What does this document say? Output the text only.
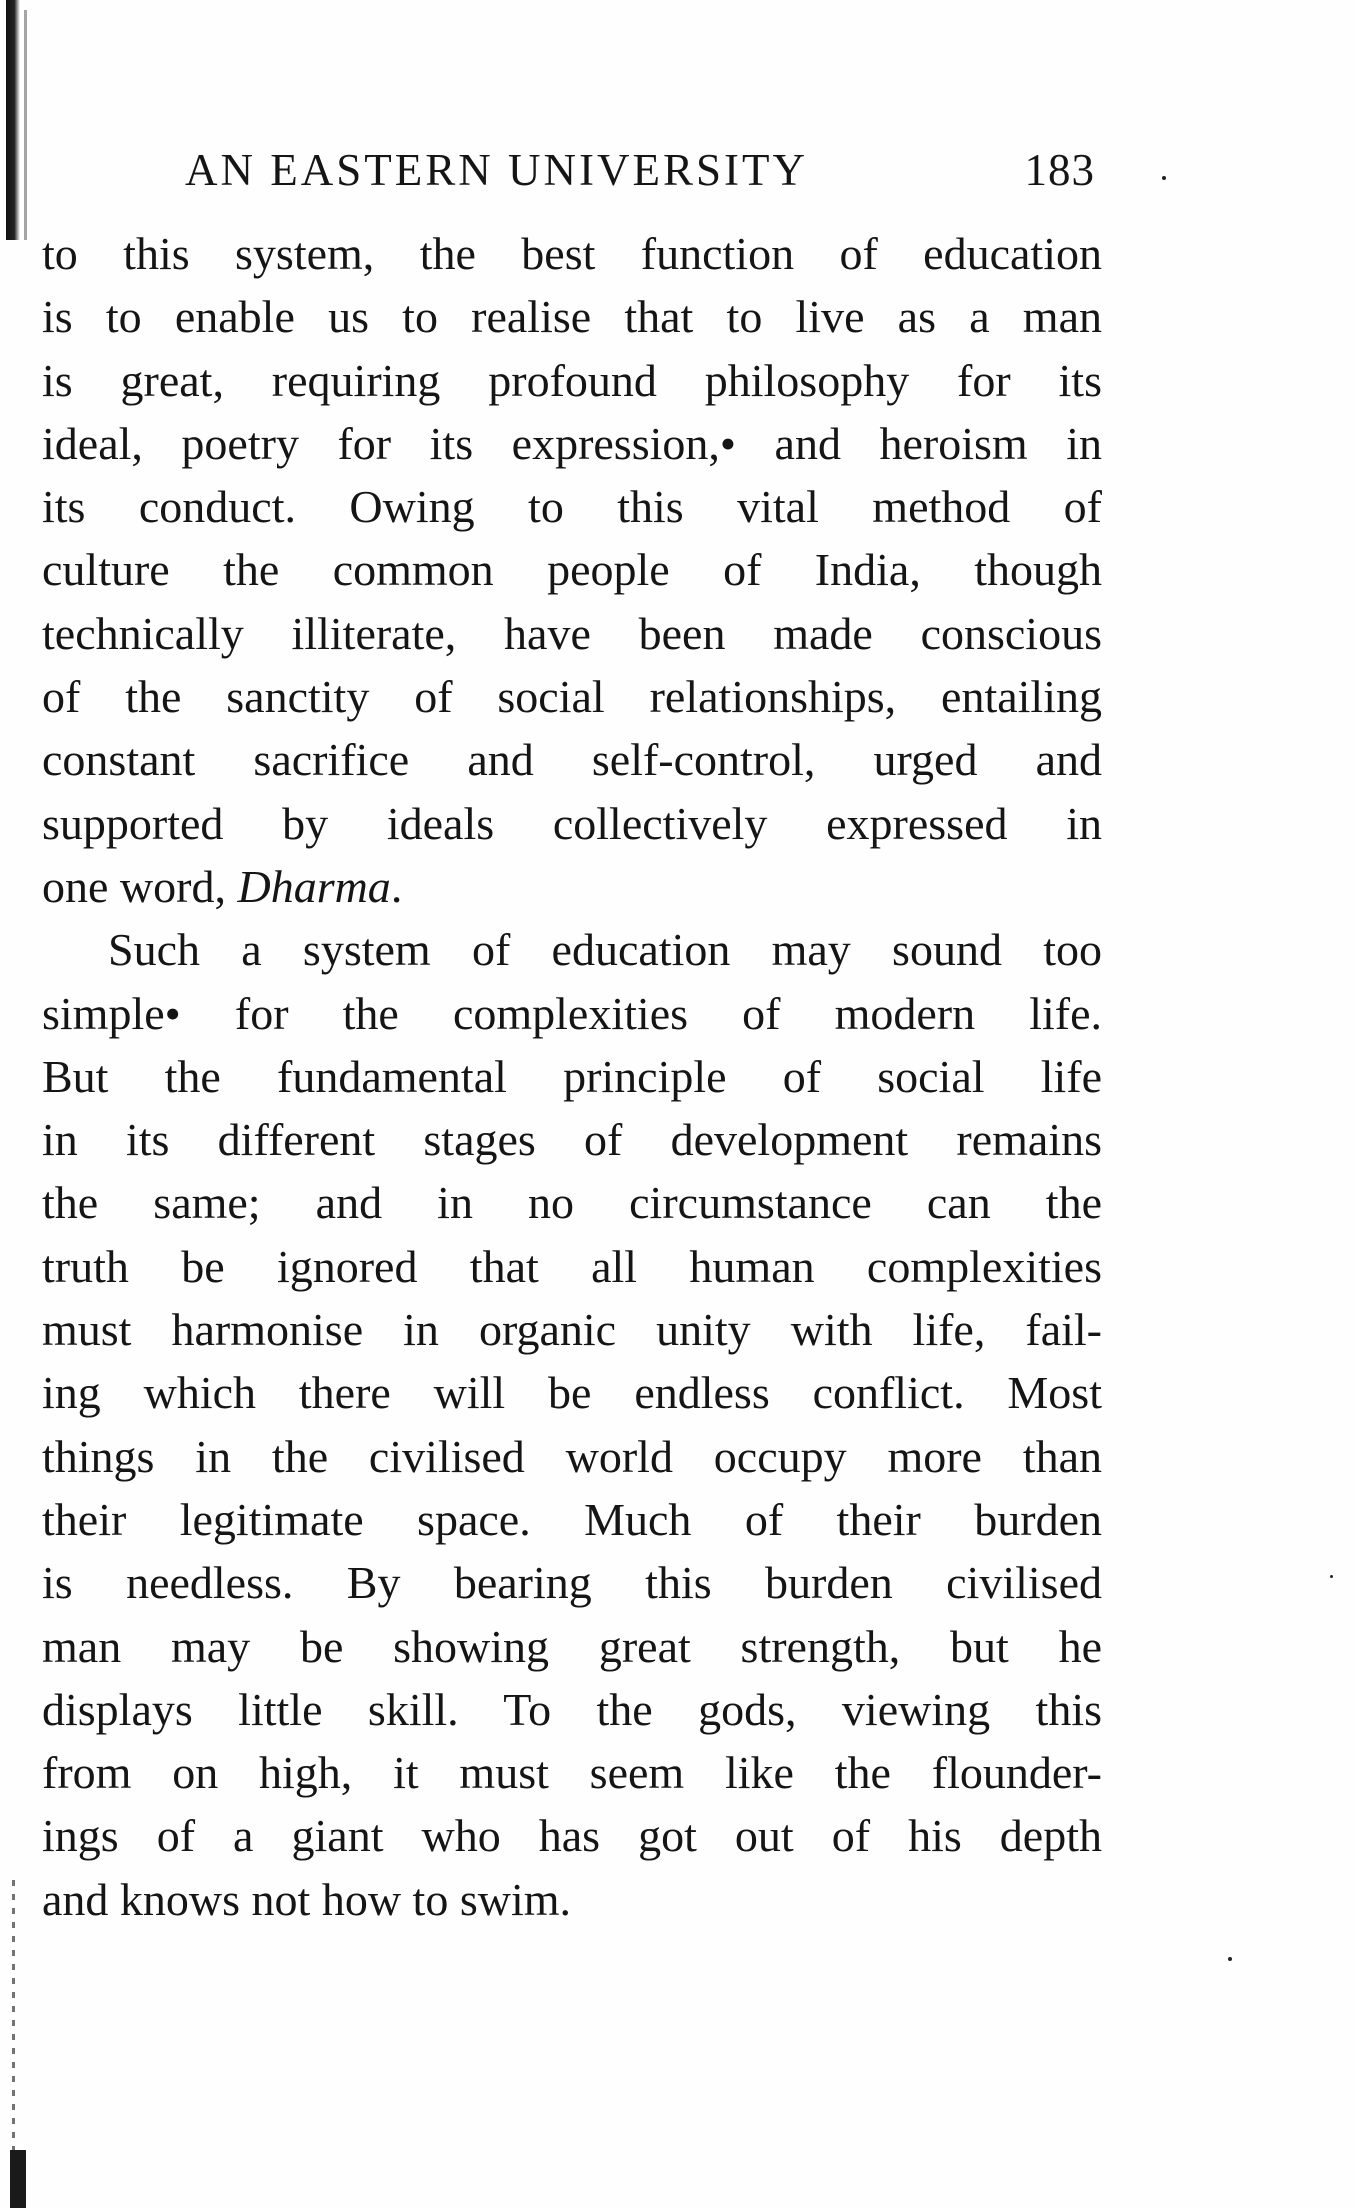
AN EASTERN UNIVERSITY	183
to this system, the best function of education
is to enable us to realise that to live as a man
is great, requiring profound philosophy for its
ideal, poetry for its expression,• and heroism in
its conduct. Owing to this vital method of
culture the common people of India, though
technically illiterate, have been made conscious
of the sanctity of social relationships, entailing
constant sacrifice and self-control, urged and
supported by ideals collectively expressed in
one word, Dharma.
Such a system of education may sound too
simple• for the complexities of modern life.
But the fundamental principle of social life
in its different stages of development remains
the same; and in no circumstance can the
truth be ignored that all human complexities
must harmonise in organic unity with life, fail-
ing which there will be endless conflict. Most
things in the civilised world occupy more than
their legitimate space. Much of their burden
is needless. By bearing this burden civilised
man may be showing great strength, but he
displays little skill. To the gods, viewing this
from on high, it must seem like the flounder-
ings of a giant who has got out of his depth
and knows not how to swim.
